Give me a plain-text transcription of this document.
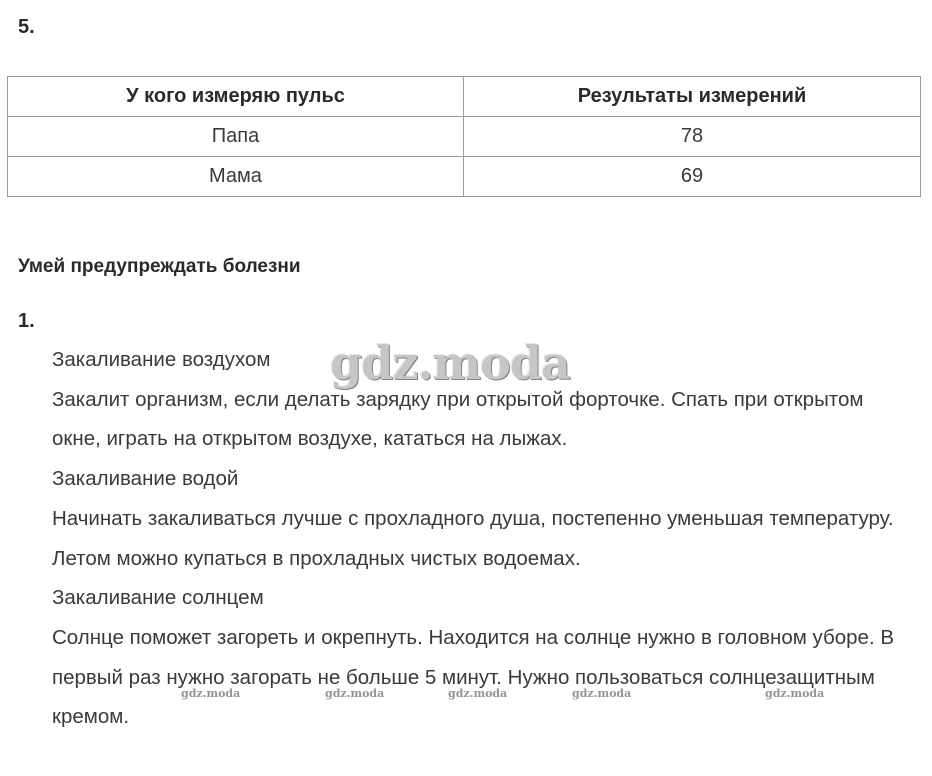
5.
У кого измеряю пульс	Результаты измерений
Папа	78
Мама	69
Умей предупреждать болезни
1.

Закаливание воздухом

Закалит организм, если делать зарядку при открытой форточке. Спать при открытом окне, играть на открытом воздухе, кататься на лыжах.

Закаливание водой

Начинать закаливаться лучше с прохладного душа, постепенно уменьшая температуру. Летом можно купаться в прохладных чистых водоемах.

Закаливание солнцем

Солнце поможет загореть и окрепнуть. Находится на солнце нужно в головном уборе. В первый раз нужно загорать не больше 5 минут. Нужно пользоваться солнцезащитным кремом.

gdz.moda
gdz.moda	gdz.moda	gdz.moda	gdz.moda	gdz.moda
